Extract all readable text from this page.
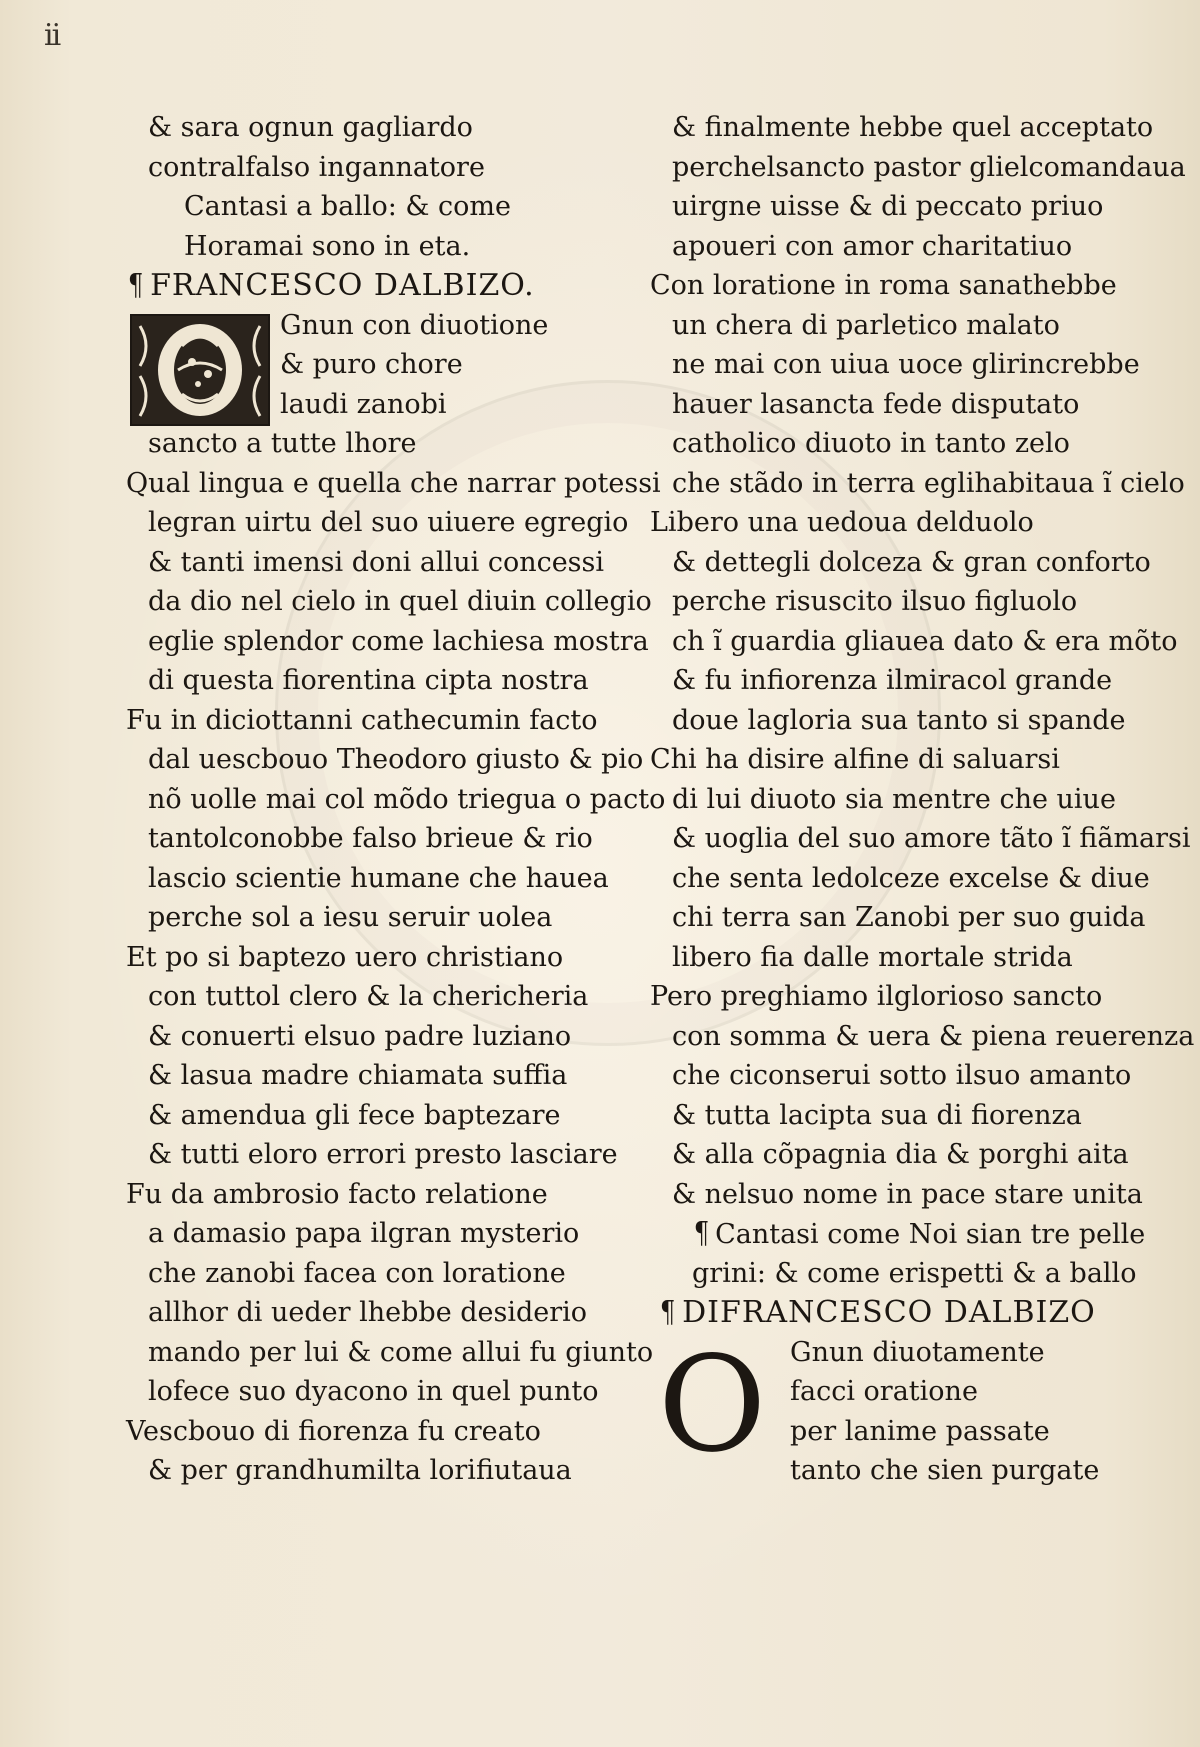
ii
& sara ognun gagliardo
contralfalso ingannatore
Cantasi a ballo: & come
Horamai sono in eta.
¶ FRANCESCO DALBIZO.
Gnun con diuotione
& puro chore
laudi zanobi
sancto a tutte lhore
Qual lingua e quella che narrar potessi
legran uirtu del suo uiuere egregio
& tanti imensi doni allui concessi
da dio nel cielo in quel diuin collegio
eglie splendor come lachiesa mostra
di questa fiorentina cipta nostra
Fu in diciottanni cathecumin facto
dal uescbouo Theodoro giusto & pio
nõ uolle mai col mõdo triegua o pacto
tantolconobbe falso brieue & rio
lascio scientie humane che hauea
perche sol a iesu seruir uolea
Et po si baptezo uero christiano
con tuttol clero & la chericheria
& conuerti elsuo padre luziano
& lasua madre chiamata suffia
& amendua gli fece baptezare
& tutti eloro errori presto lasciare
Fu da ambrosio facto relatione
a damasio papa ilgran mysterio
che zanobi facea con loratione
allhor di ueder lhebbe desiderio
mando per lui & come allui fu giunto
lofece suo dyacono in quel punto
Vescbouo di fiorenza fu creato
& per grandhumilta lorifiutaua
& finalmente hebbe quel acceptato
perchelsancto pastor glielcomandaua
uirgne uisse & di peccato priuo
apoueri con amor charitatiuo
Con loratione in roma sanathebbe
un chera di parletico malato
ne mai con uiua uoce glirincrebbe
hauer lasancta fede disputato
catholico diuoto in tanto zelo
che stãdo in terra eglihabitaua ĩ cielo
Libero una uedoua delduolo
& dettegli dolceza & gran conforto
perche risuscito ilsuo figluolo
ch ĩ guardia gliauea dato & era mõto
& fu infiorenza ilmiracol grande
doue lagloria sua tanto si spande
Chi ha disire alfine di saluarsi
di lui diuoto sia mentre che uiue
& uoglia del suo amore tãto ĩ fiãmarsi
che senta ledolceze excelse & diue
chi terra san Zanobi per suo guida
libero fia dalle mortale strida
Pero preghiamo ilglorioso sancto
con somma & uera & piena reuerenza
che ciconserui sotto ilsuo amanto
& tutta lacipta sua di fiorenza
& alla cõpagnia dia & porghi aita
& nelsuo nome in pace stare unita
¶ Cantasi come Noi sian tre pelle
grini: & come erispetti & a ballo
¶ DIFRANCESCO DALBIZO
O Gnun diuotamente
facci oratione
per lanime passate
tanto che sien purgate
